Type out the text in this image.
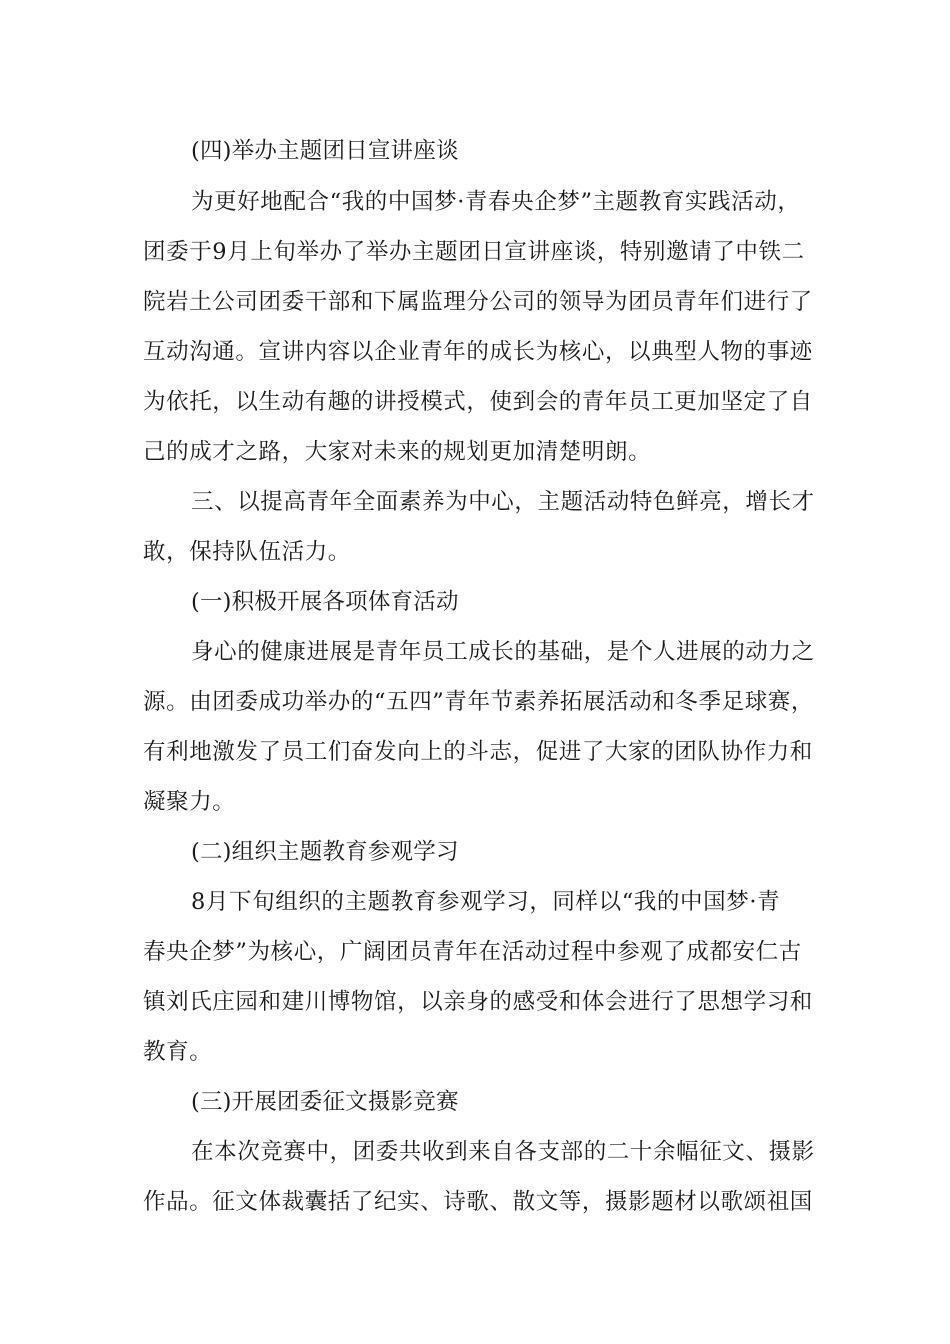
(四)举办主题团日宣讲座谈
为更好地配合“我的中国梦·青春央企梦”主题教育实践活动，
团委于9月上旬举办了举办主题团日宣讲座谈，特别邀请了中铁二
院岩土公司团委干部和下属监理分公司的领导为团员青年们进行了
互动沟通。宣讲内容以企业青年的成长为核心，以典型人物的事迹
为依托，以生动有趣的讲授模式，使到会的青年员工更加坚定了自
己的成才之路，大家对未来的规划更加清楚明朗。
三、以提高青年全面素养为中心，主题活动特色鲜亮，增长才
敢，保持队伍活力。
(一)积极开展各项体育活动
身心的健康进展是青年员工成长的基础，是个人进展的动力之
源。由团委成功举办的“五四”青年节素养拓展活动和冬季足球赛，
有利地激发了员工们奋发向上的斗志，促进了大家的团队协作力和
凝聚力。
(二)组织主题教育参观学习
8月下旬组织的主题教育参观学习，同样以“我的中国梦·青
春央企梦”为核心，广阔团员青年在活动过程中参观了成都安仁古
镇刘氏庄园和建川博物馆，以亲身的感受和体会进行了思想学习和
教育。
(三)开展团委征文摄影竞赛
在本次竞赛中，团委共收到来自各支部的二十余幅征文、摄影
作品。征文体裁囊括了纪实、诗歌、散文等，摄影题材以歌颂祖国
